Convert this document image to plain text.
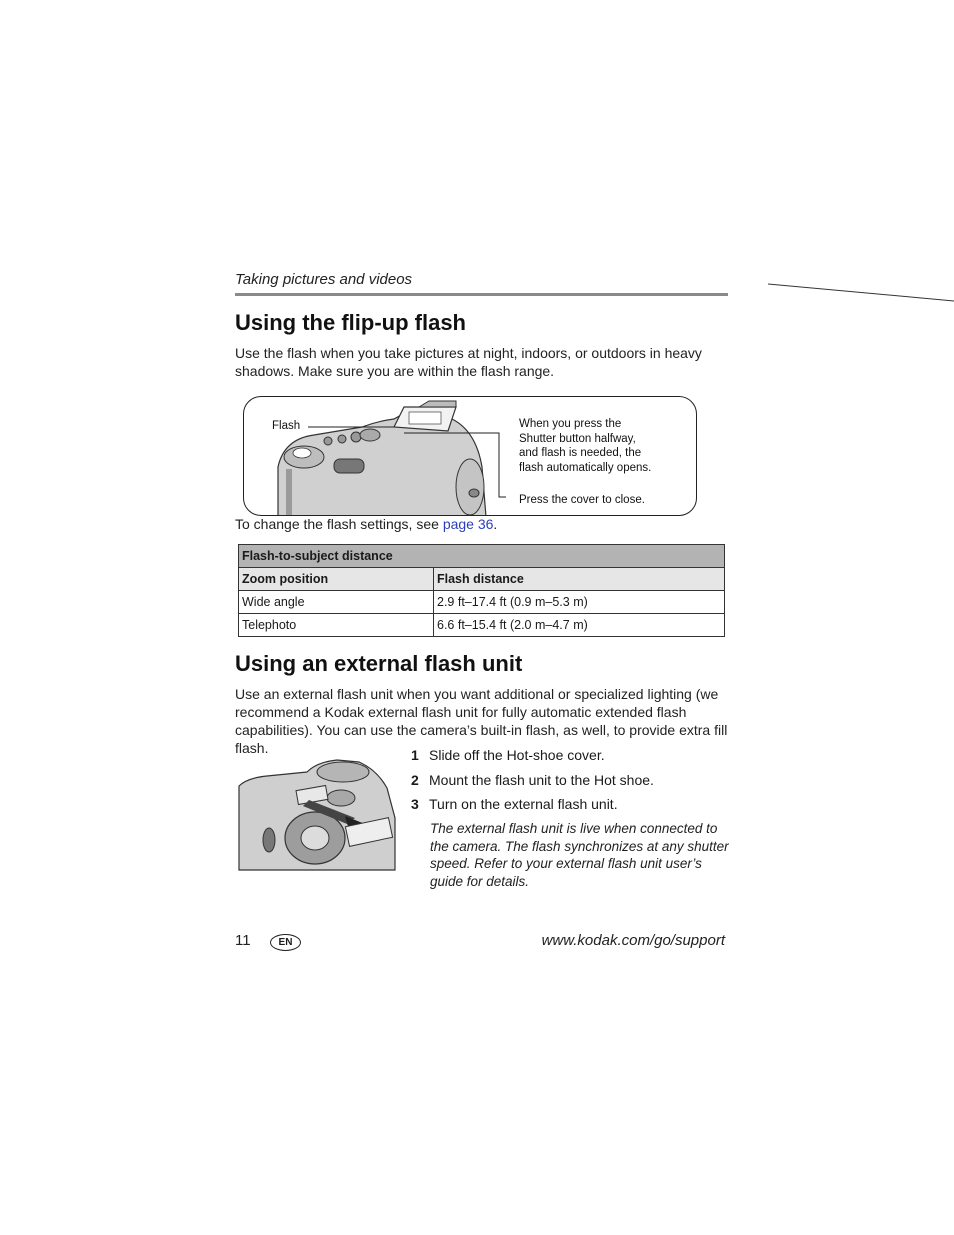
Taking pictures and videos
Using the flip-up flash
Use the flash when you take pictures at night, indoors, or outdoors in heavy shadows. Make sure you are within the flash range.
Flash	When you press the
Shutter button halfway,
and flash is needed, the
flash automatically opens.
Press the cover to close.
To change the flash settings, see page 36.
Flash-to-subject distance	
Zoom position	Flash distance
Wide angle	2.9 ft–17.4 ft (0.9 m–5.3 m)
Telephoto	6.6 ft–15.4 ft (2.0 m–4.7 m)
Using an external flash unit
Use an external flash unit when you want additional or specialized lighting (we
recommend a Kodak external flash unit for fully automatic extended flash
capabilities). You can use the camera’s built-in flash, as well, to provide extra fill flash.	1 Slide off the Hot-shoe cover.
2 Mount the flash unit to the Hot shoe.
3 Turn on the external flash unit.
The external flash unit is live when connected to the camera. The flash synchronizes at any shutter speed. Refer to your external flash unit user’s guide for details.
11	EN	www.kodak.com/go/support
